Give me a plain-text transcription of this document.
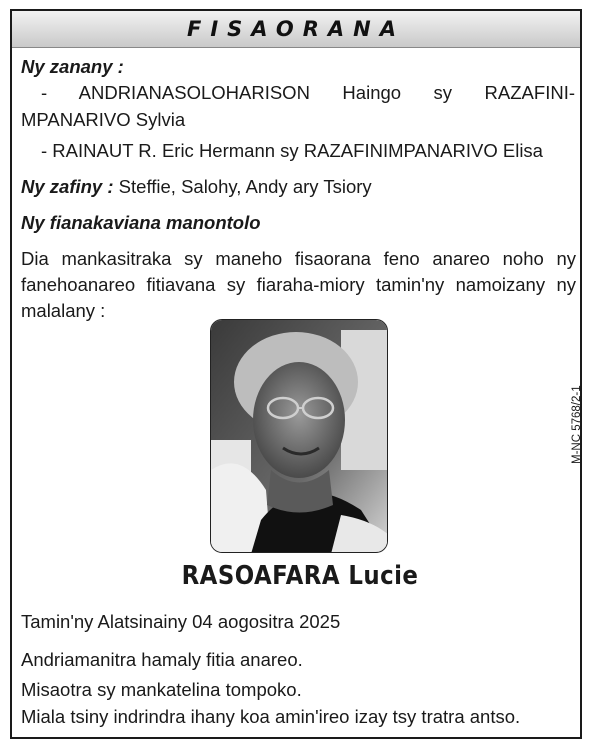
FISAORANA
Ny zanany :
- ANDRIANASOLOHARISON Haingo sy RAZAFINI-
MPANARIVO Sylvia
- RAINAUT R. Eric Hermann sy RAZAFINIMPANARIVO Elisa
Ny zafiny : Steffie, Salohy, Andy ary Tsiory
Ny fianakaviana manontolo
Dia mankasitraka sy maneho fisaorana feno anareo noho ny
fanehoanareo fitiavana sy fiaraha-miory tamin'ny namoizany ny
malalany :
RASOAFARA Lucie
Tamin'ny Alatsinainy 04 aogositra 2025
Andriamanitra hamaly fitia anareo.
Misaotra sy mankatelina tompoko.
Miala tsiny indrindra ihany koa amin'ireo izay tsy tratra antso.
M-NC 5768/2-1
